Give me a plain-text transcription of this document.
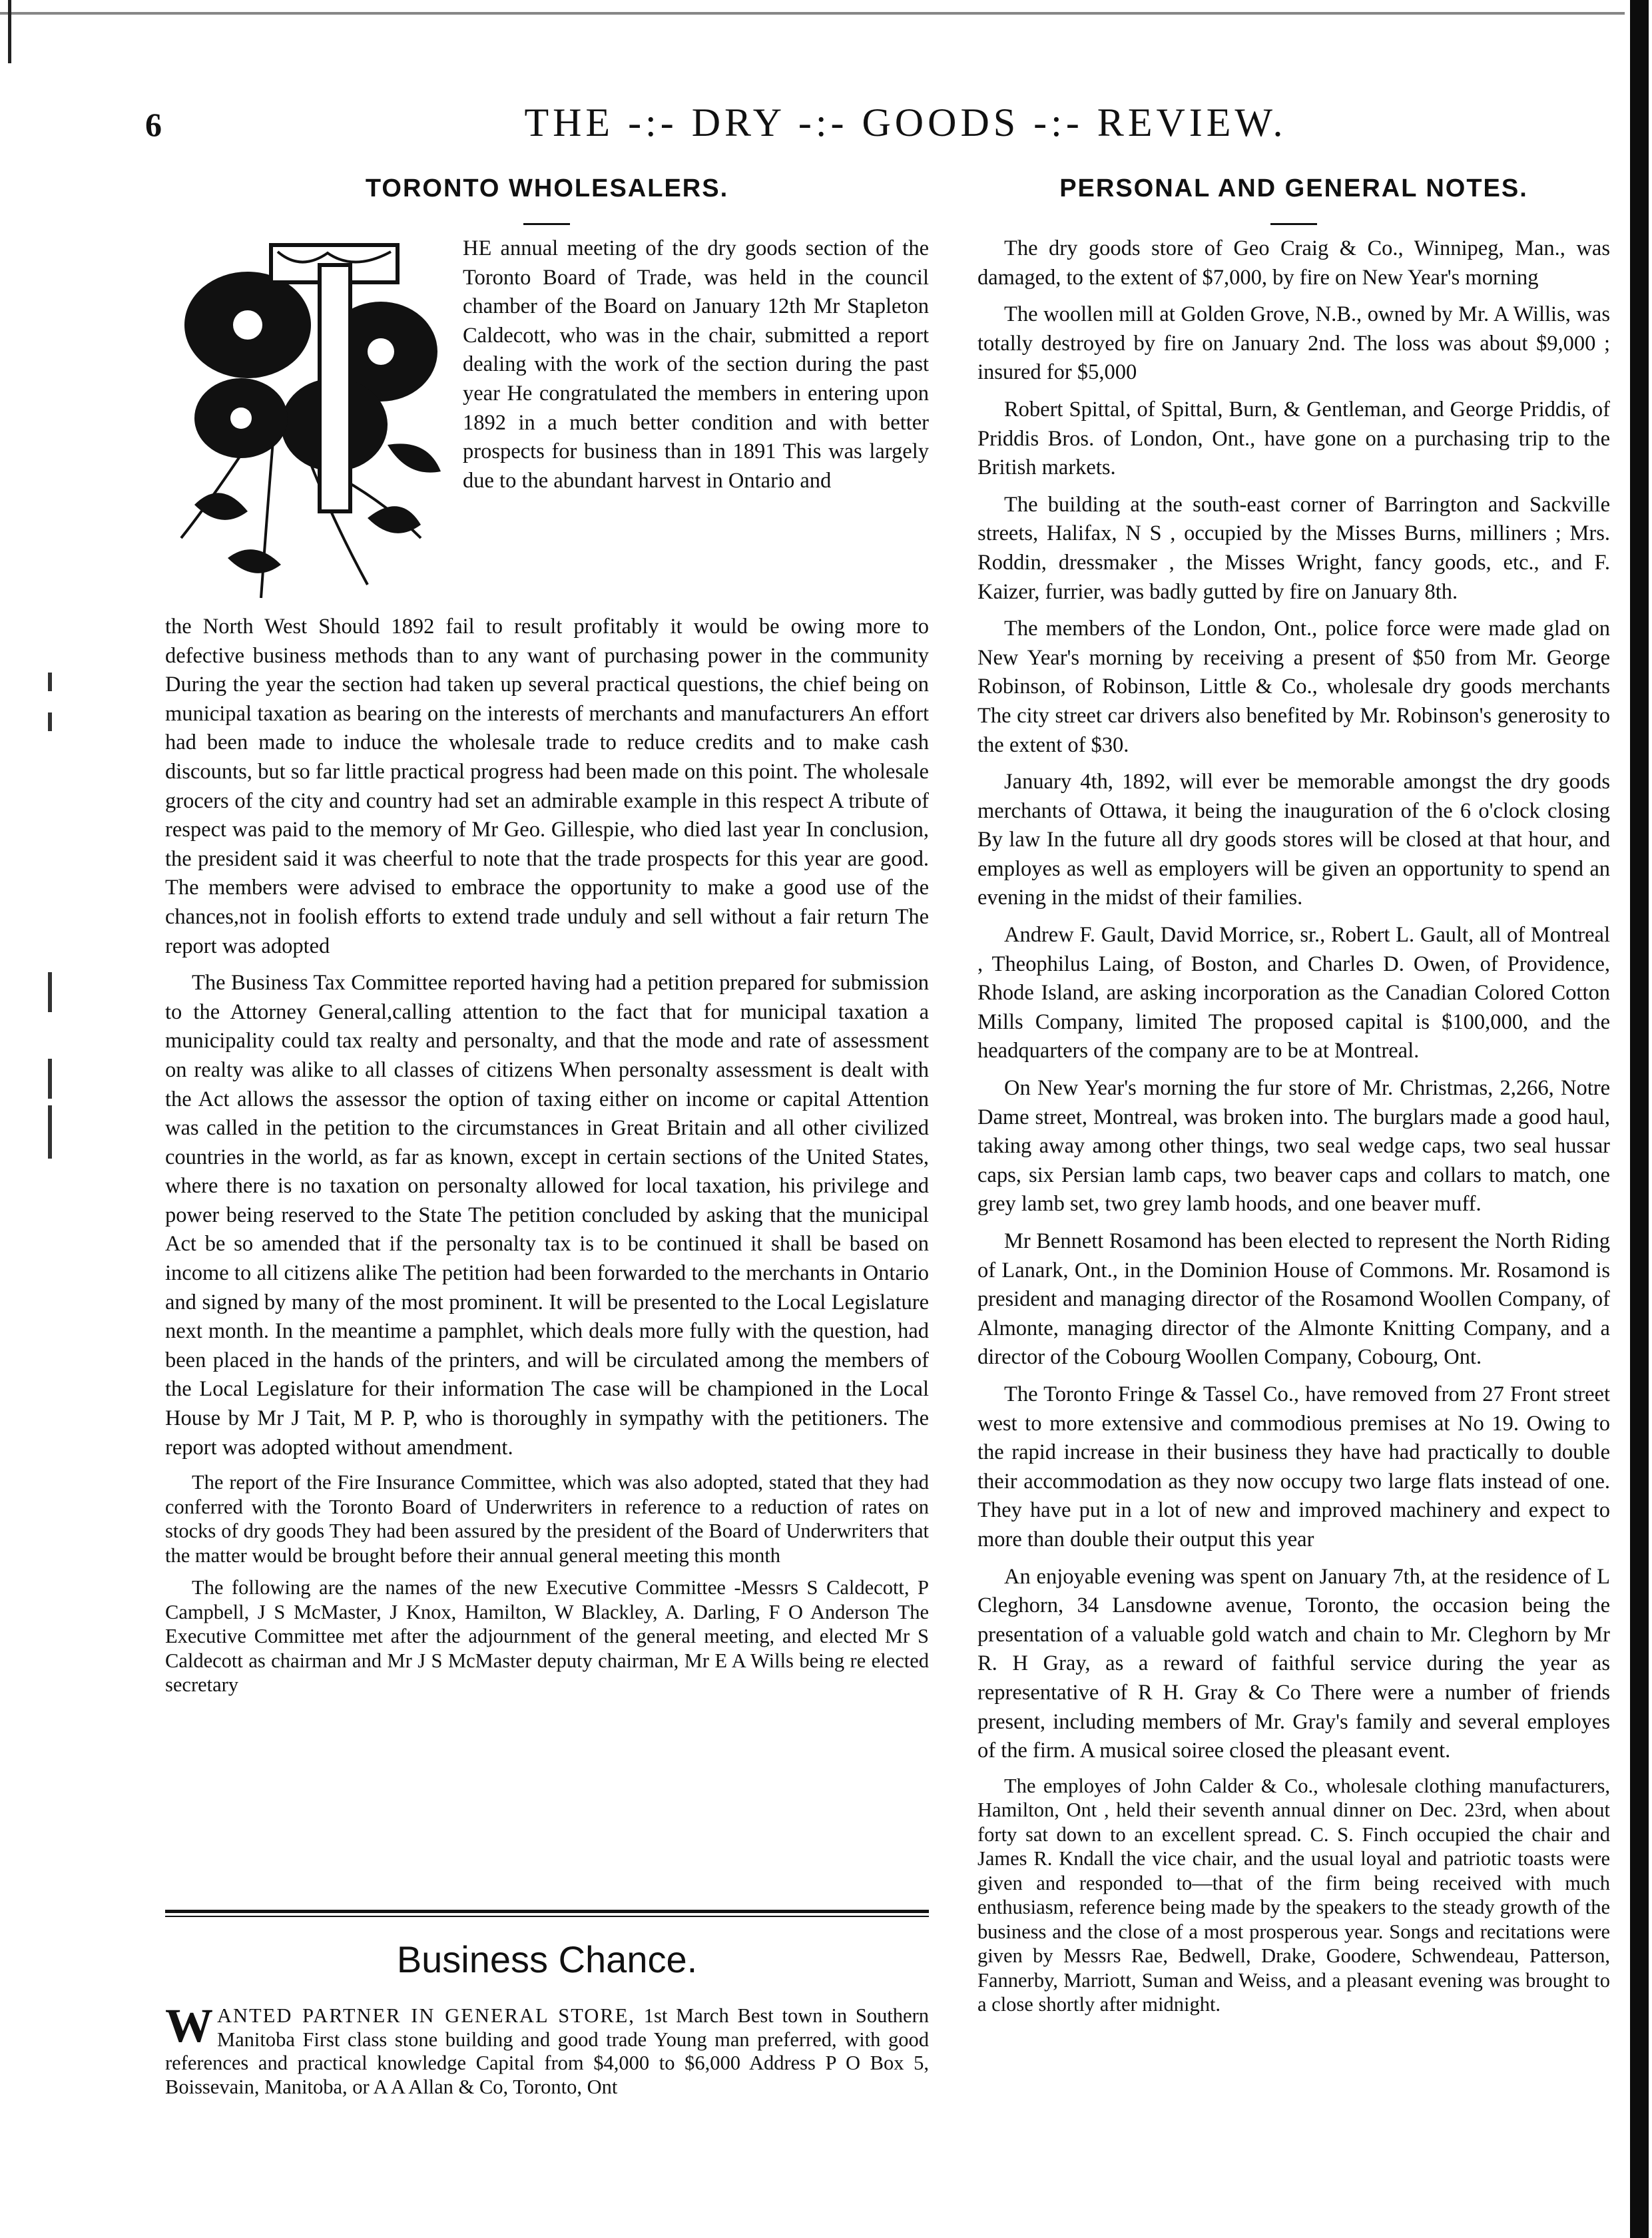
6	THE -:- DRY -:- GOODS -:- REVIEW.
TORONTO WHOLESALERS.	PERSONAL AND GENERAL NOTES.

HE annual meeting of the dry goods section of the Toronto Board of Trade, was held in the council chamber of the Board on January 12th Mr Stapleton Caldecott, who was in the chair, submitted a report dealing with the work of the section during the past year He congratulated the members in entering upon 1892 in a much better condition and with better prospects for business than in 1891 This was largely due to the abundant harvest in Ontario and

the North West Should 1892 fail to result profitably it would be owing more to defective business methods than to any want of purchasing power in the community During the year the section had taken up several practical questions, the chief being on municipal taxation as bearing on the interests of merchants and manufacturers An effort had been made to induce the wholesale trade to reduce credits and to make cash discounts, but so far little practical progress had been made on this point. The wholesale grocers of the city and country had set an admirable example in this respect A tribute of respect was paid to the memory of Mr Geo. Gillespie, who died last year In conclusion, the president said it was cheerful to note that the trade prospects for this year are good. The members were advised to embrace the opportunity to make a good use of the chances,not in foolish efforts to extend trade unduly and sell without a fair return The report was adopted

The Business Tax Committee reported having had a petition prepared for submission to the Attorney General,calling attention to the fact that for municipal taxation a municipality could tax realty and personalty, and that the mode and rate of assessment on realty was alike to all classes of citizens When personalty assessment is dealt with the Act allows the assessor the option of taxing either on income or capital Attention was called in the petition to the circumstances in Great Britain and all other civilized countries in the world, as far as known, except in certain sections of the United States, where there is no taxation on personalty allowed for local taxation, his privilege and power being reserved to the State The petition concluded by asking that the municipal Act be so amended that if the personalty tax is to be continued it shall be based on income to all citizens alike The petition had been forwarded to the merchants in Ontario and signed by many of the most prominent. It will be presented to the Local Legislature next month. In the meantime a pamphlet, which deals more fully with the question, had been placed in the hands of the printers, and will be circulated among the members of the Local Legislature for their information The case will be championed in the Local House by Mr J Tait, M P. P, who is thoroughly in sympathy with the petitioners. The report was adopted without amendment.

The report of the Fire Insurance Committee, which was also adopted, stated that they had conferred with the Toronto Board of Underwriters in reference to a reduction of rates on stocks of dry goods They had been assured by the president of the Board of Underwriters that the matter would be brought before their annual general meeting this month

The following are the names of the new Executive Committee -Messrs S Caldecott, P Campbell, J S McMaster, J Knox, Hamilton, W Blackley, A. Darling, F O Anderson The Executive Committee met after the adjournment of the general meeting, and elected Mr S Caldecott as chairman and Mr J S McMaster deputy chairman, Mr E A Wills being re elected secretary

Business Chance.
WANTED PARTNER IN GENERAL STORE, 1st March Best town in Southern Manitoba First class stone building and good trade Young man preferred, with good references and practical knowledge Capital from $4,000 to $6,000 Address P O Box 5, Boissevain, Manitoba, or A A Allan & Co, Toronto, Ont

The dry goods store of Geo Craig & Co., Winnipeg, Man., was damaged, to the extent of $7,000, by fire on New Year's morning

The woollen mill at Golden Grove, N.B., owned by Mr. A Willis, was totally destroyed by fire on January 2nd. The loss was about $9,000 ; insured for $5,000

Robert Spittal, of Spittal, Burn, & Gentleman, and George Priddis, of Priddis Bros. of London, Ont., have gone on a purchasing trip to the British markets.

The building at the south-east corner of Barrington and Sackville streets, Halifax, N S , occupied by the Misses Burns, milliners ; Mrs. Roddin, dressmaker , the Misses Wright, fancy goods, etc., and F. Kaizer, furrier, was badly gutted by fire on January 8th.

The members of the London, Ont., police force were made glad on New Year's morning by receiving a present of $50 from Mr. George Robinson, of Robinson, Little & Co., wholesale dry goods merchants The city street car drivers also benefited by Mr. Robinson's generosity to the extent of $30.

January 4th, 1892, will ever be memorable amongst the dry goods merchants of Ottawa, it being the inauguration of the 6 o'clock closing By law In the future all dry goods stores will be closed at that hour, and employes as well as employers will be given an opportunity to spend an evening in the midst of their families.

Andrew F. Gault, David Morrice, sr., Robert L. Gault, all of Montreal , Theophilus Laing, of Boston, and Charles D. Owen, of Providence, Rhode Island, are asking incorporation as the Canadian Colored Cotton Mills Company, limited The proposed capital is $100,000, and the headquarters of the company are to be at Montreal.

On New Year's morning the fur store of Mr. Christmas, 2,266, Notre Dame street, Montreal, was broken into. The burglars made a good haul, taking away among other things, two seal wedge caps, two seal hussar caps, six Persian lamb caps, two beaver caps and collars to match, one grey lamb set, two grey lamb hoods, and one beaver muff.

Mr Bennett Rosamond has been elected to represent the North Riding of Lanark, Ont., in the Dominion House of Commons. Mr. Rosamond is president and managing director of the Rosamond Woollen Company, of Almonte, managing director of the Almonte Knitting Company, and a director of the Cobourg Woollen Company, Cobourg, Ont.

The Toronto Fringe & Tassel Co., have removed from 27 Front street west to more extensive and commodious premises at No 19. Owing to the rapid increase in their business they have had practically to double their accommodation as they now occupy two large flats instead of one. They have put in a lot of new and improved machinery and expect to more than double their output this year

An enjoyable evening was spent on January 7th, at the residence of L Cleghorn, 34 Lansdowne avenue, Toronto, the occasion being the presentation of a valuable gold watch and chain to Mr. Cleghorn by Mr R. H Gray, as a reward of faithful service during the year as representative of R H. Gray & Co There were a number of friends present, including members of Mr. Gray's family and several employes of the firm. A musical soiree closed the pleasant event.

The employes of John Calder & Co., wholesale clothing manufacturers, Hamilton, Ont , held their seventh annual dinner on Dec. 23rd, when about forty sat down to an excellent spread. C. S. Finch occupied the chair and James R. Kndall the vice chair, and the usual loyal and patriotic toasts were given and responded to—that of the firm being received with much enthusiasm, reference being made by the speakers to the steady growth of the business and the close of a most prosperous year. Songs and recitations were given by Messrs Rae, Bedwell, Drake, Goodere, Schwendeau, Patterson, Fannerby, Marriott, Suman and Weiss, and a pleasant evening was brought to a close shortly after midnight.
